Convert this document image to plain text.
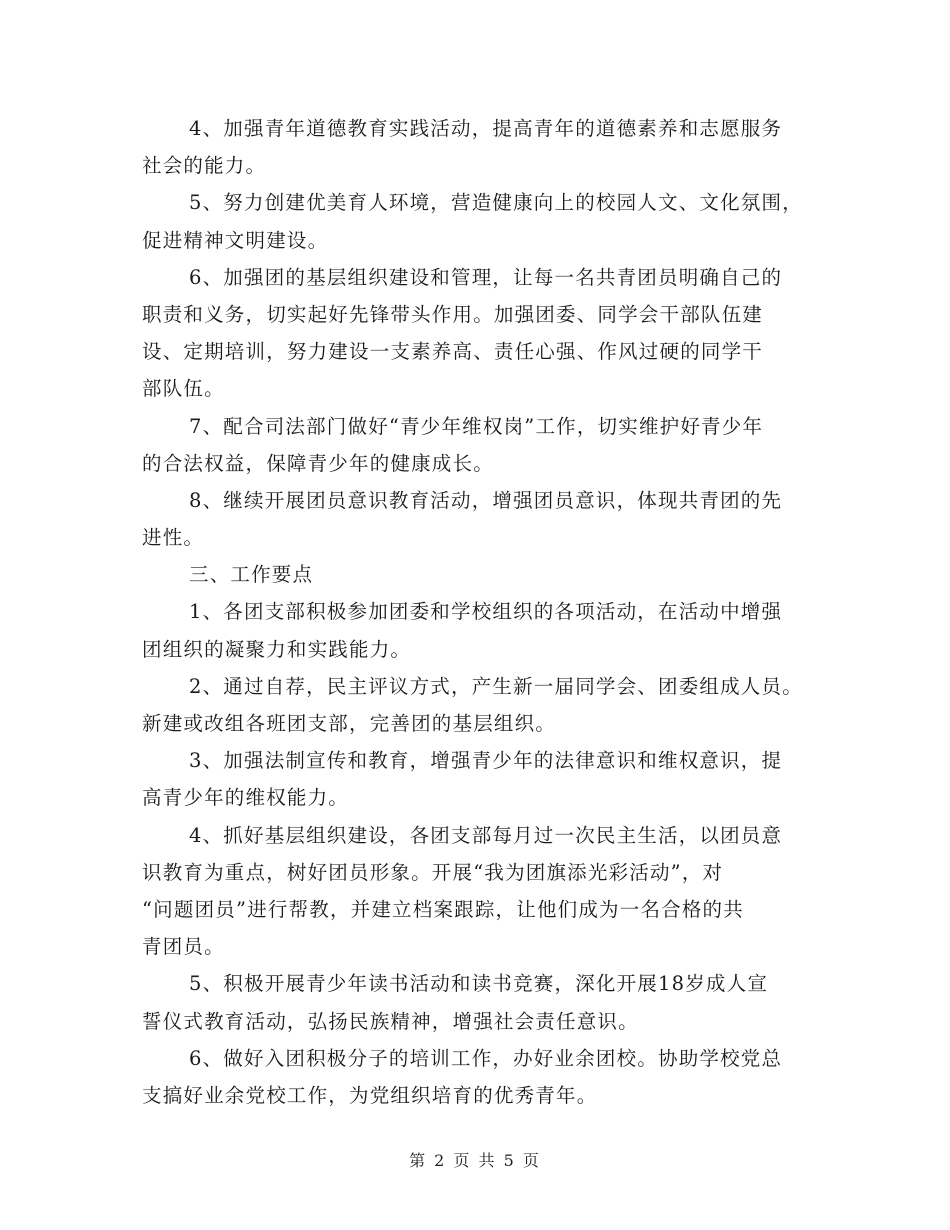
4、加强青年道德教育实践活动，提高青年的道德素养和志愿服务
社会的能力。
5、努力创建优美育人环境，营造健康向上的校园人文、文化氛围，
促进精神文明建设。
6、加强团的基层组织建设和管理，让每一名共青团员明确自己的
职责和义务，切实起好先锋带头作用。加强团委、同学会干部队伍建
设、定期培训，努力建设一支素养高、责任心强、作风过硬的同学干
部队伍。
7、配合司法部门做好“青少年维权岗”工作，切实维护好青少年
的合法权益，保障青少年的健康成长。
8、继续开展团员意识教育活动，增强团员意识，体现共青团的先
进性。
三、工作要点
1、各团支部积极参加团委和学校组织的各项活动，在活动中增强
团组织的凝聚力和实践能力。
2、通过自荐，民主评议方式，产生新一届同学会、团委组成人员。
新建或改组各班团支部，完善团的基层组织。
3、加强法制宣传和教育，增强青少年的法律意识和维权意识，提
高青少年的维权能力。
4、抓好基层组织建设，各团支部每月过一次民主生活，以团员意
识教育为重点，树好团员形象。开展“我为团旗添光彩活动”，对
“问题团员”进行帮教，并建立档案跟踪，让他们成为一名合格的共
青团员。
5、积极开展青少年读书活动和读书竞赛，深化开展18岁成人宣
誓仪式教育活动，弘扬民族精神，增强社会责任意识。
6、做好入团积极分子的培训工作，办好业余团校。协助学校党总
支搞好业余党校工作，为党组织培育的优秀青年。
第 2 页 共 5 页
